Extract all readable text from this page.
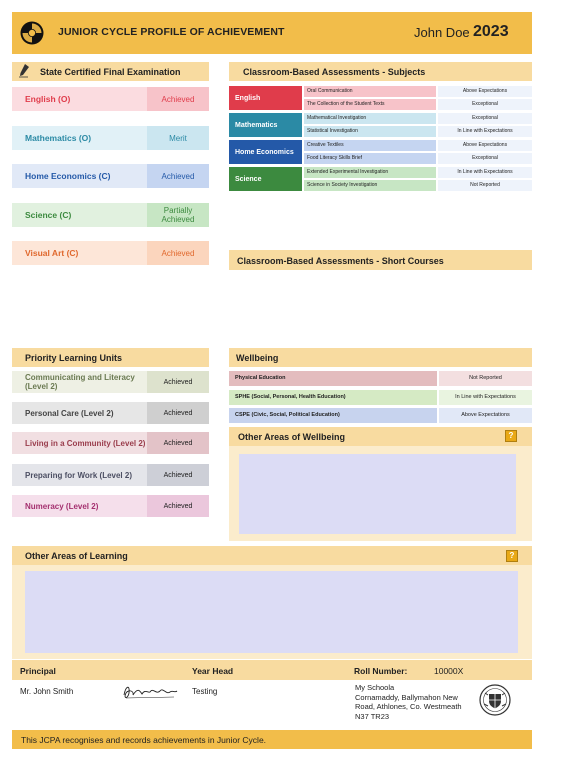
JUNIOR CYCLE PROFILE OF ACHIEVEMENT	John Doe 2023
State Certified Final Examination	Classroom-Based Assessments - Subjects
Classroom-Based Assessments - Short Courses
Priority Learning Units	Wellbeing
Other Areas of Wellbeing	?
Other Areas of Learning	?
Principal	Year Head	Roll Number:	10000X
Mr. John Smith	Testing	My Schoola
Cornamaddy, Ballymahon New
Road, Athlones, Co. Westmeath
N37 TR23
This JCPA recognises and records achievements in Junior Cycle.
English (O)	Achieved
Mathematics (O)	Merit
Home Economics (C)	Achieved
Science (C)	Partially Achieved
Visual Art (C)	Achieved
English
Oral Communication	Above Expectations
The Collection of the Student Texts	Exceptional
Mathematics
Mathematical Investigation	Exceptional
Statistical Investigation	In Line with Expectations
Home Economics
Creative Textiles	Above Expectations
Food Literacy Skills Brief	Exceptional
Science
Extended Experimental Investigation	In Line with Expectations
Science in Society Investigation	Not Reported
Communicating and Literacy (Level 2)	Achieved
Personal Care (Level 2)	Achieved
Living in a Community (Level 2)	Achieved
Preparing for Work (Level 2)	Achieved
Numeracy (Level 2)	Achieved
Physical Education	Not Reported
SPHE (Social, Personal, Health Education)	In Line with Expectations
CSPE (Civic, Social, Political Education)	Above Expectations
